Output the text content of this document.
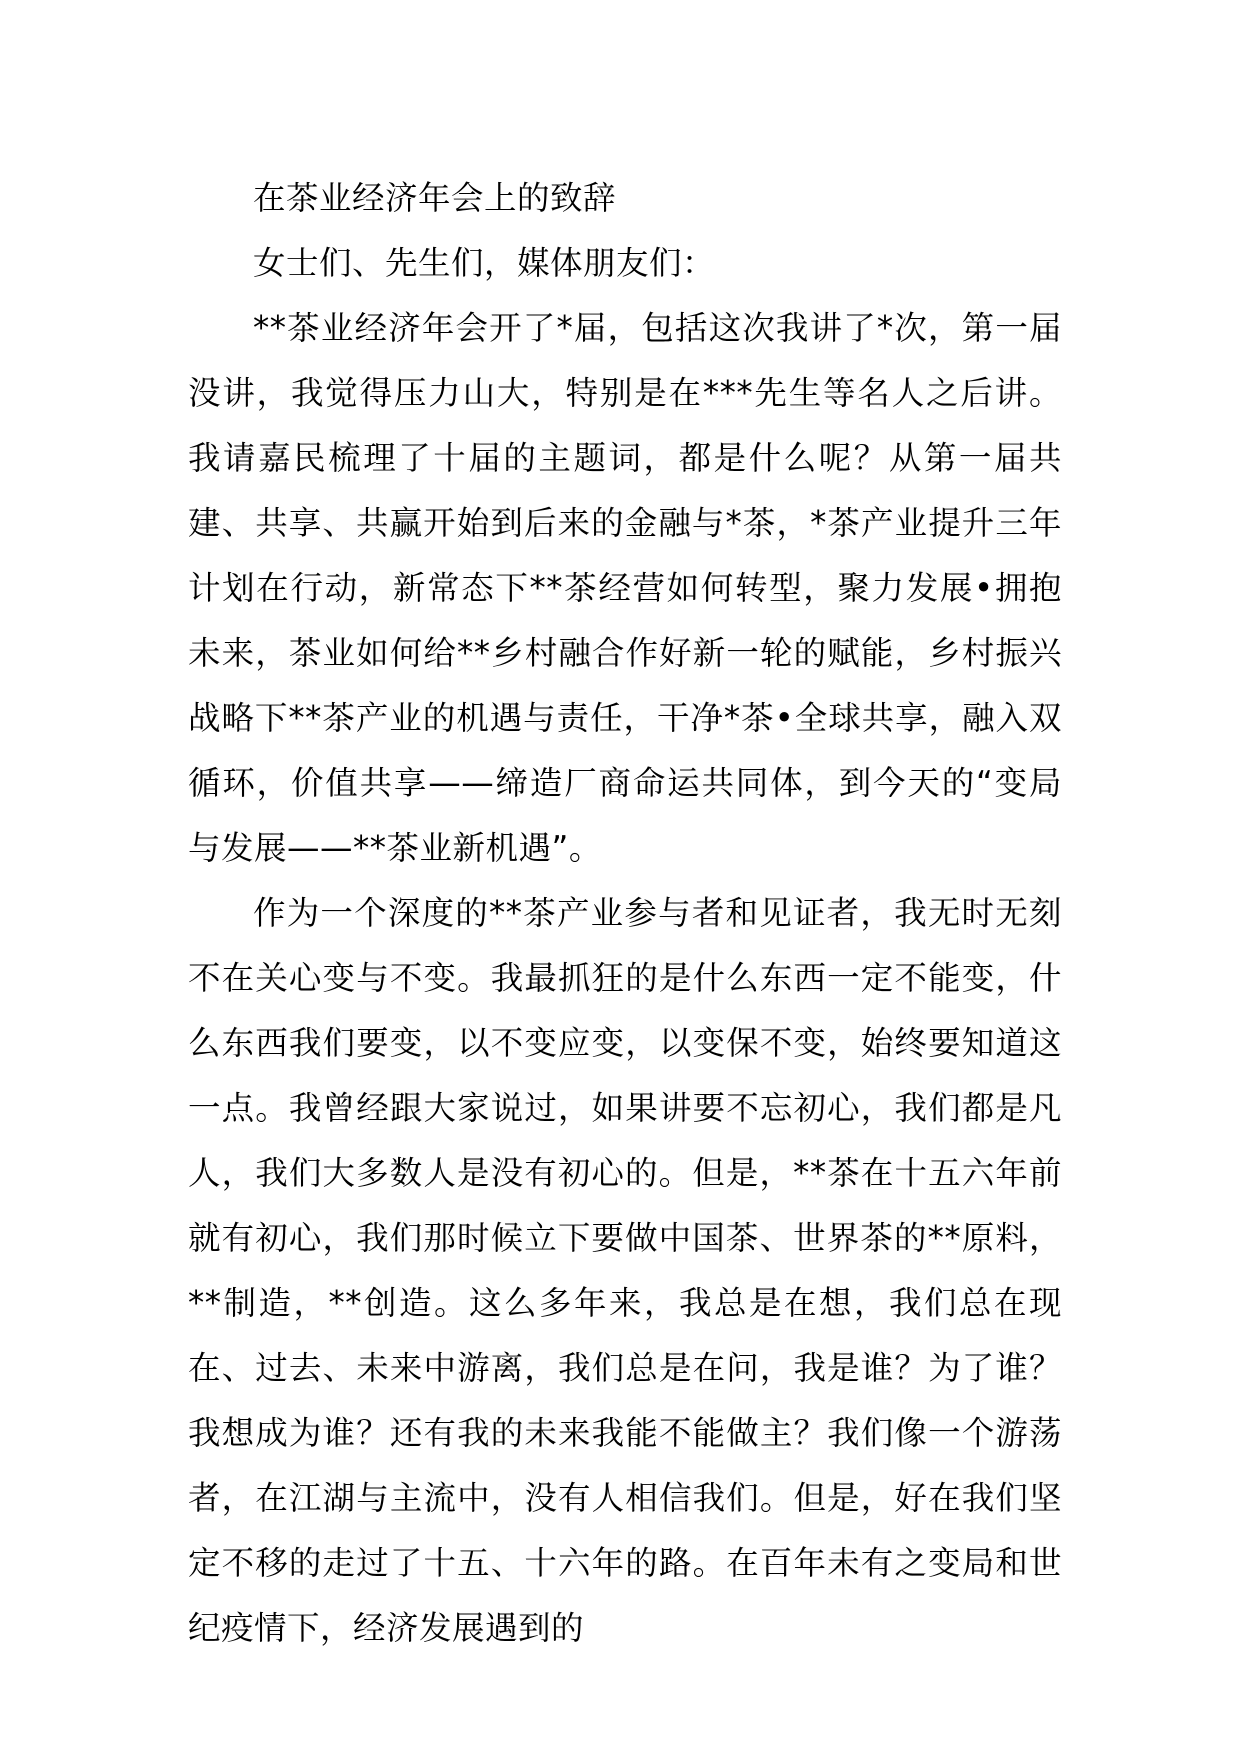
在茶业经济年会上的致辞

女士们、先生们，媒体朋友们：

**茶业经济年会开了*届，包括这次我讲了*次，第一届没讲，我觉得压力山大，特别是在***先生等名人之后讲。我请嘉民梳理了十届的主题词，都是什么呢？从第一届共建、共享、共赢开始到后来的金融与*茶，*茶产业提升三年计划在行动，新常态下**茶经营如何转型，聚力发展•拥抱未来，茶业如何给**乡村融合作好新一轮的赋能，乡村振兴战略下**茶产业的机遇与责任，干净*茶•全球共享，融入双循环，价值共享——缔造厂商命运共同体，到今天的“变局与发展——**茶业新机遇”。

作为一个深度的**茶产业参与者和见证者，我无时无刻不在关心变与不变。我最抓狂的是什么东西一定不能变，什么东西我们要变，以不变应变，以变保不变，始终要知道这一点。我曾经跟大家说过，如果讲要不忘初心，我们都是凡人，我们大多数人是没有初心的。但是，**茶在十五六年前就有初心，我们那时候立下要做中国茶、世界茶的**原料，**制造，**创造。这么多年来，我总是在想，我们总在现在、过去、未来中游离，我们总是在问，我是谁？为了谁？我想成为谁？还有我的未来我能不能做主？我们像一个游荡者，在江湖与主流中，没有人相信我们。但是，好在我们坚定不移的走过了十五、十六年的路。在百年未有之变局和世纪疫情下，经济发展遇到的
